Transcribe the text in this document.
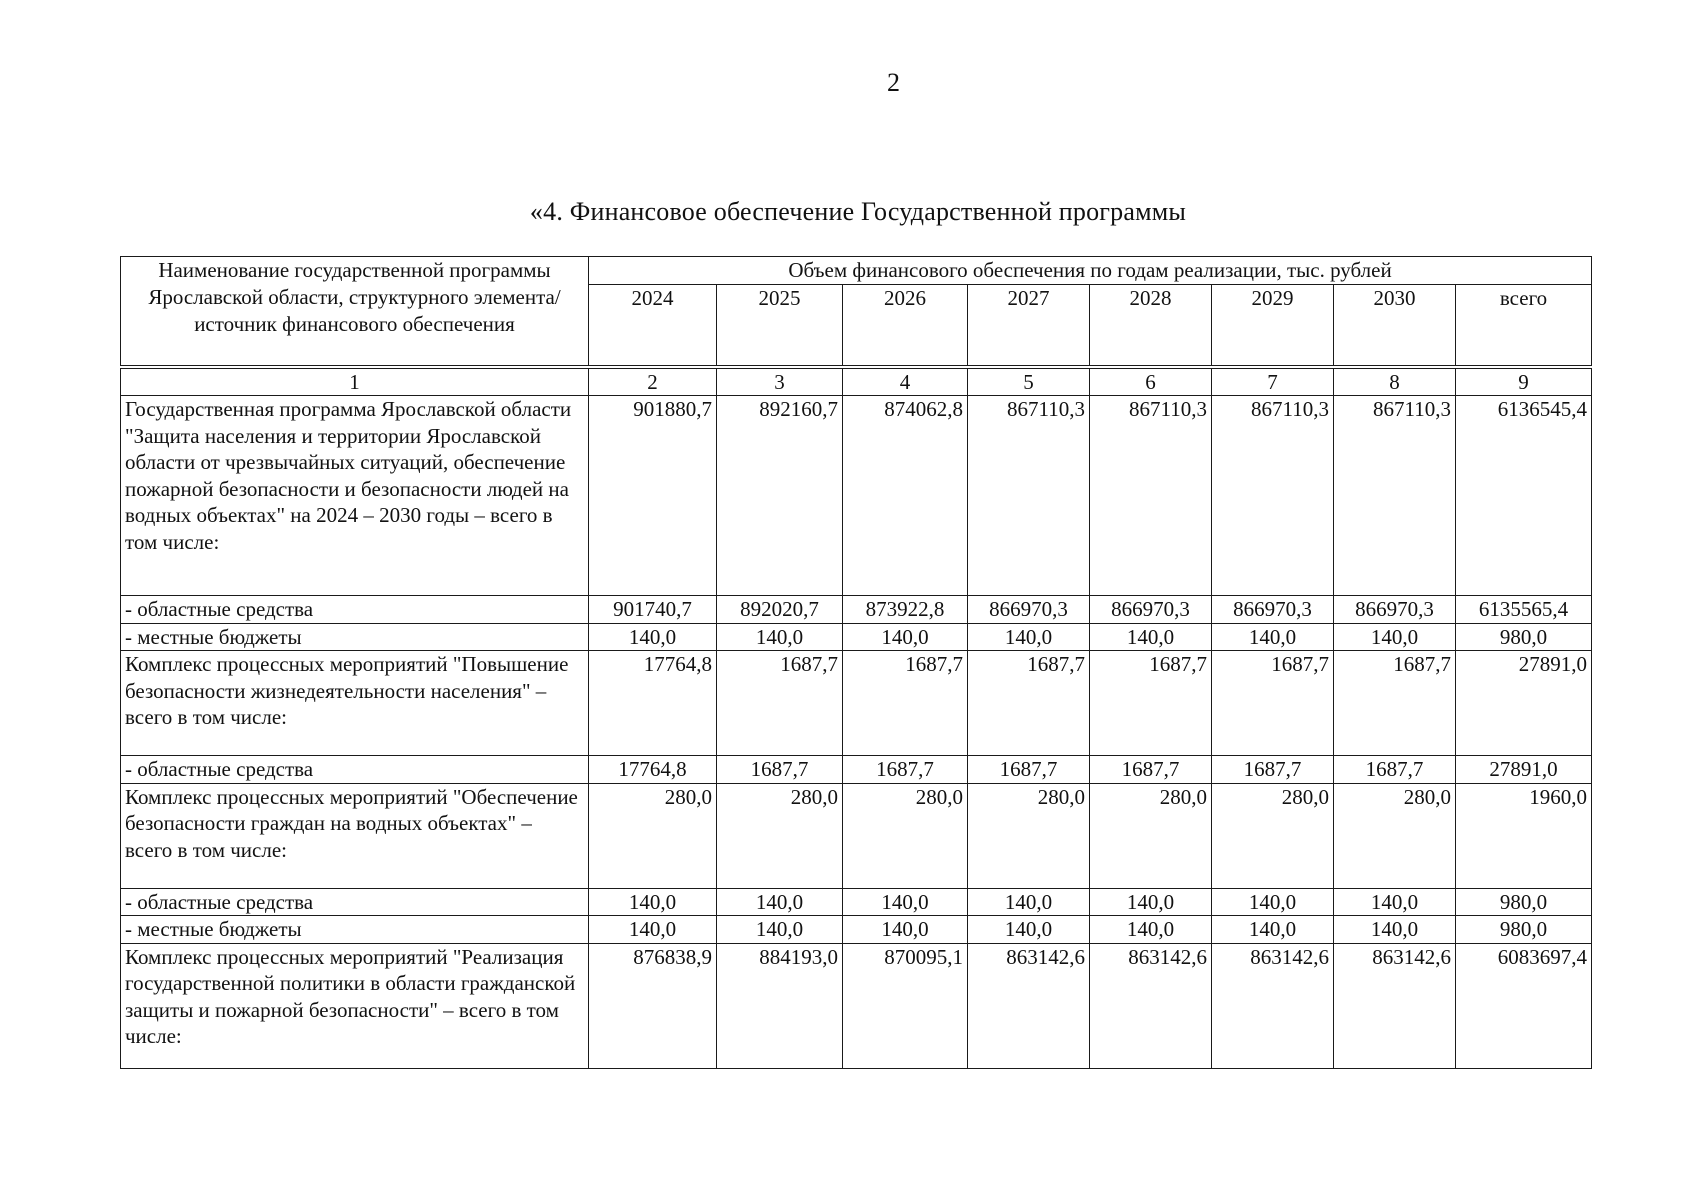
2
«4. Финансовое обеспечение Государственной программы
Наименование государственной программы Ярославской области, структурного элемента/ источник финансового обеспечения	Объем финансового обеспечения по годам реализации, тыс. рублей							
	2024	2025	2026	2027	2028	2029	2030	всего
1	2	3	4	5	6	7	8	9
Государственная программа Ярославской области "Защита населения и территории Ярославской области от чрезвычайных ситуаций, обеспечение пожарной безопасности и безопасности людей на водных объектах" на 2024 – 2030 годы – всего в том числе:	901880,7	892160,7	874062,8	867110,3	867110,3	867110,3	867110,3	6136545,4
- областные средства	901740,7	892020,7	873922,8	866970,3	866970,3	866970,3	866970,3	6135565,4
- местные бюджеты	140,0	140,0	140,0	140,0	140,0	140,0	140,0	980,0
Комплекс процессных мероприятий "Повышение безопасности жизнедеятельности населения" – всего в том числе:	17764,8	1687,7	1687,7	1687,7	1687,7	1687,7	1687,7	27891,0
- областные средства	17764,8	1687,7	1687,7	1687,7	1687,7	1687,7	1687,7	27891,0
Комплекс процессных мероприятий "Обеспечение безопасности граждан на водных объектах" – всего в том числе:	280,0	280,0	280,0	280,0	280,0	280,0	280,0	1960,0
- областные средства	140,0	140,0	140,0	140,0	140,0	140,0	140,0	980,0
- местные бюджеты	140,0	140,0	140,0	140,0	140,0	140,0	140,0	980,0
Комплекс процессных мероприятий "Реализация государственной политики в области гражданской защиты и пожарной безопасности" – всего в том числе:	876838,9	884193,0	870095,1	863142,6	863142,6	863142,6	863142,6	6083697,4
